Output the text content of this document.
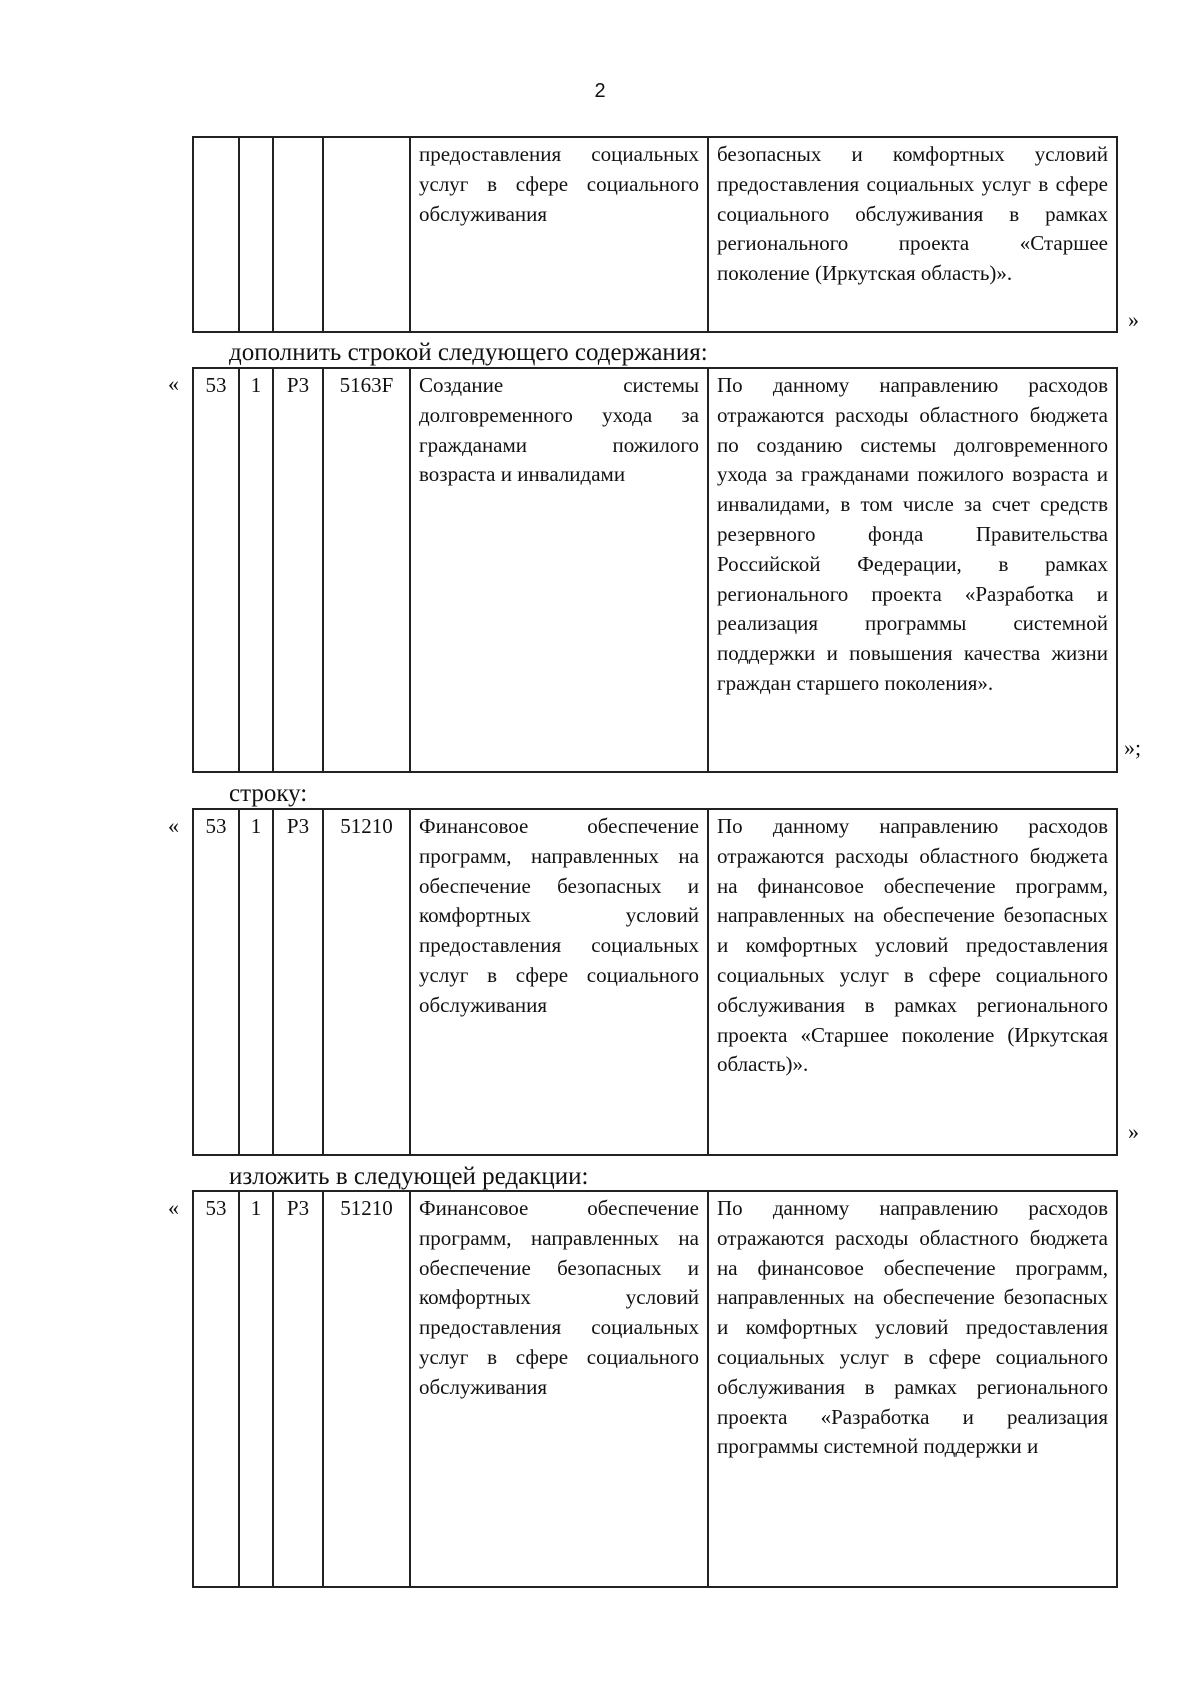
2
				предоставления социальных услуг в сфере социального обслуживания	безопасных и комфортных условий предоставления социальных услуг в сфере социального обслуживания в рамках регионального проекта «Старшее поколение (Иркутская область)».
»
дополнить строкой следующего содержания:
« 53	1	Р3	5163F	Создание системы долговременного ухода за гражданами пожилого возраста и инвалидами	По данному направлению расходов отражаются расходы областного бюджета по созданию системы долговременного ухода за гражданами пожилого возраста и инвалидами, в том числе за счет средств резервного фонда Правительства Российской Федерации, в рамках регионального проекта «Разработка и реализация программы системной поддержки и повышения качества жизни граждан старшего поколения».
»;
строку:
« 53	1	Р3	51210	Финансовое обеспечение программ, направленных на обеспечение безопасных и комфортных условий предоставления социальных услуг в сфере социального обслуживания	По данному направлению расходов отражаются расходы областного бюджета на финансовое обеспечение программ, направленных на обеспечение безопасных и комфортных условий предоставления социальных услуг в сфере социального обслуживания в рамках регионального проекта «Старшее поколение (Иркутская область)».
»
изложить в следующей редакции:
« 53	1	Р3	51210	Финансовое обеспечение программ, направленных на обеспечение безопасных и комфортных условий предоставления социальных услуг в сфере социального обслуживания	По данному направлению расходов отражаются расходы областного бюджета на финансовое обеспечение программ, направленных на обеспечение безопасных и комфортных условий предоставления социальных услуг в сфере социального обслуживания в рамках регионального проекта «Разработка и реализация программы системной поддержки и
